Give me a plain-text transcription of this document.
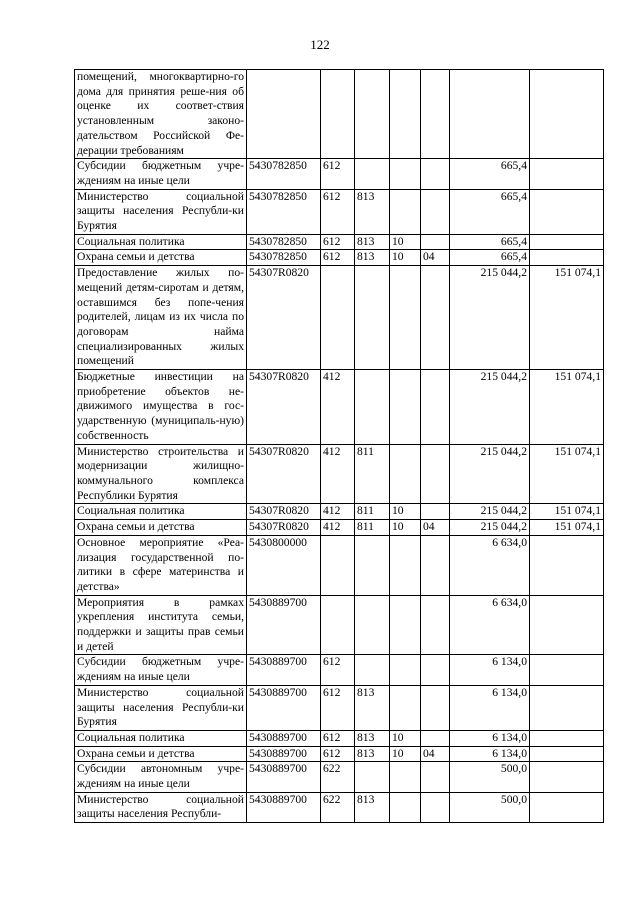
122
помещений, многоквартирно-го дома для принятия реше-ния об оценке их соответ-ствия установленным законо-дательством Российской Фе-дерации требованиям							
Субсидии бюджетным учре-ждениям на иные цели	5430782850	612				665,4	
Министерство социальной защиты населения Республи-ки Бурятия	5430782850	612	813			665,4	
Социальная политика	5430782850	612	813	10		665,4	
Охрана семьи и детства	5430782850	612	813	10	04	665,4	
Предоставление жилых по-мещений детям-сиротам и детям, оставшимся без попе-чения родителей, лицам из их числа по договорам найма специализированных жилых помещений	54307R0820					215 044,2	151 074,1
Бюджетные инвестиции на приобретение объектов не-движимого имущества в гос-ударственную (муниципаль-ную) собственность	54307R0820	412				215 044,2	151 074,1
Министерство строительства и модернизации жилищно-коммунального комплекса Республики Бурятия	54307R0820	412	811			215 044,2	151 074,1
Социальная политика	54307R0820	412	811	10		215 044,2	151 074,1
Охрана семьи и детства	54307R0820	412	811	10	04	215 044,2	151 074,1
Основное мероприятие «Реа-лизация государственной по-литики в сфере материнства и детства»	5430800000					6 634,0	
Мероприятия в рамках укрепления института семьи, поддержки и защиты прав семьи и детей	5430889700					6 634,0	
Субсидии бюджетным учре-ждениям на иные цели	5430889700	612				6 134,0	
Министерство социальной защиты населения Республи-ки Бурятия	5430889700	612	813			6 134,0	
Социальная политика	5430889700	612	813	10		6 134,0	
Охрана семьи и детства	5430889700	612	813	10	04	6 134,0	
Субсидии автономным учре-ждениям на иные цели	5430889700	622				500,0	
Министерство социальной защиты населения Республи-	5430889700	622	813			500,0	
